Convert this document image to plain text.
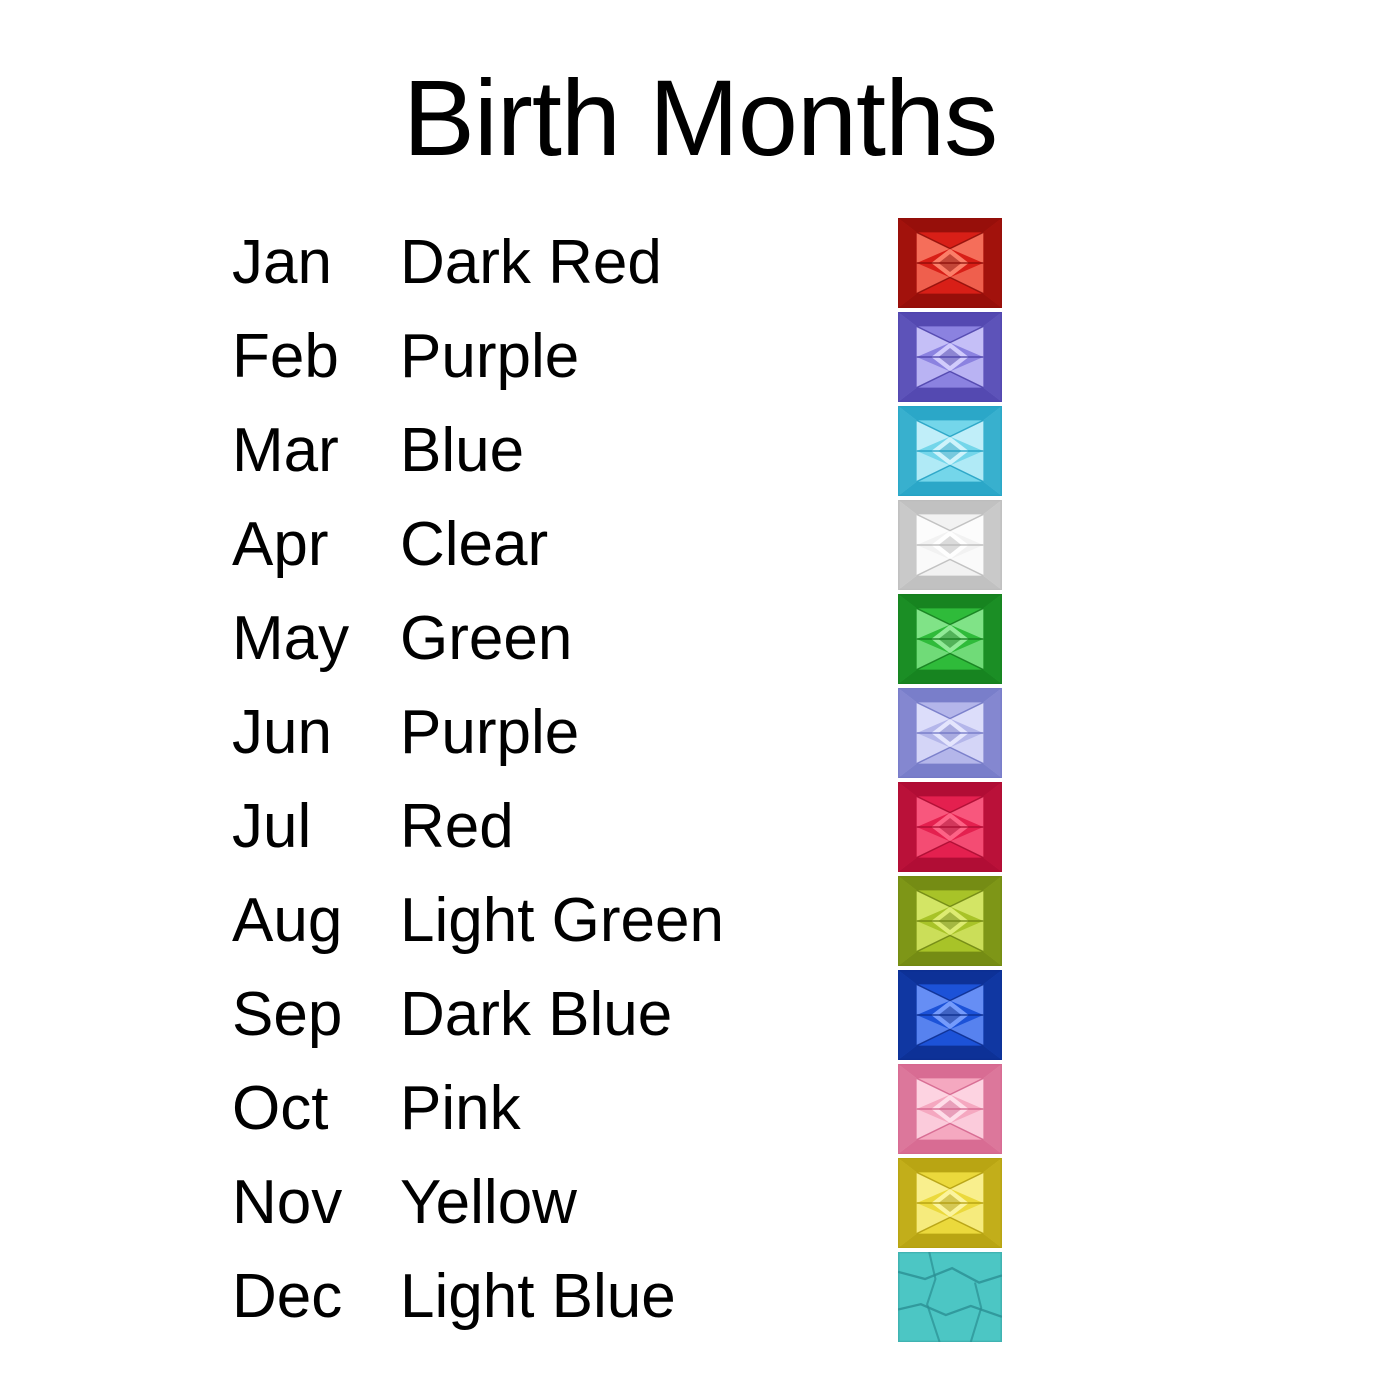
Birth Months
Jan	Dark Red
Feb Purple
Mar Blue
Apr	Clear
May Green
Jun	Purple
Jul	Red
Aug Light Green
Sep Dark Blue
Oct	Pink
Nov Yellow
Dec Light Blue
